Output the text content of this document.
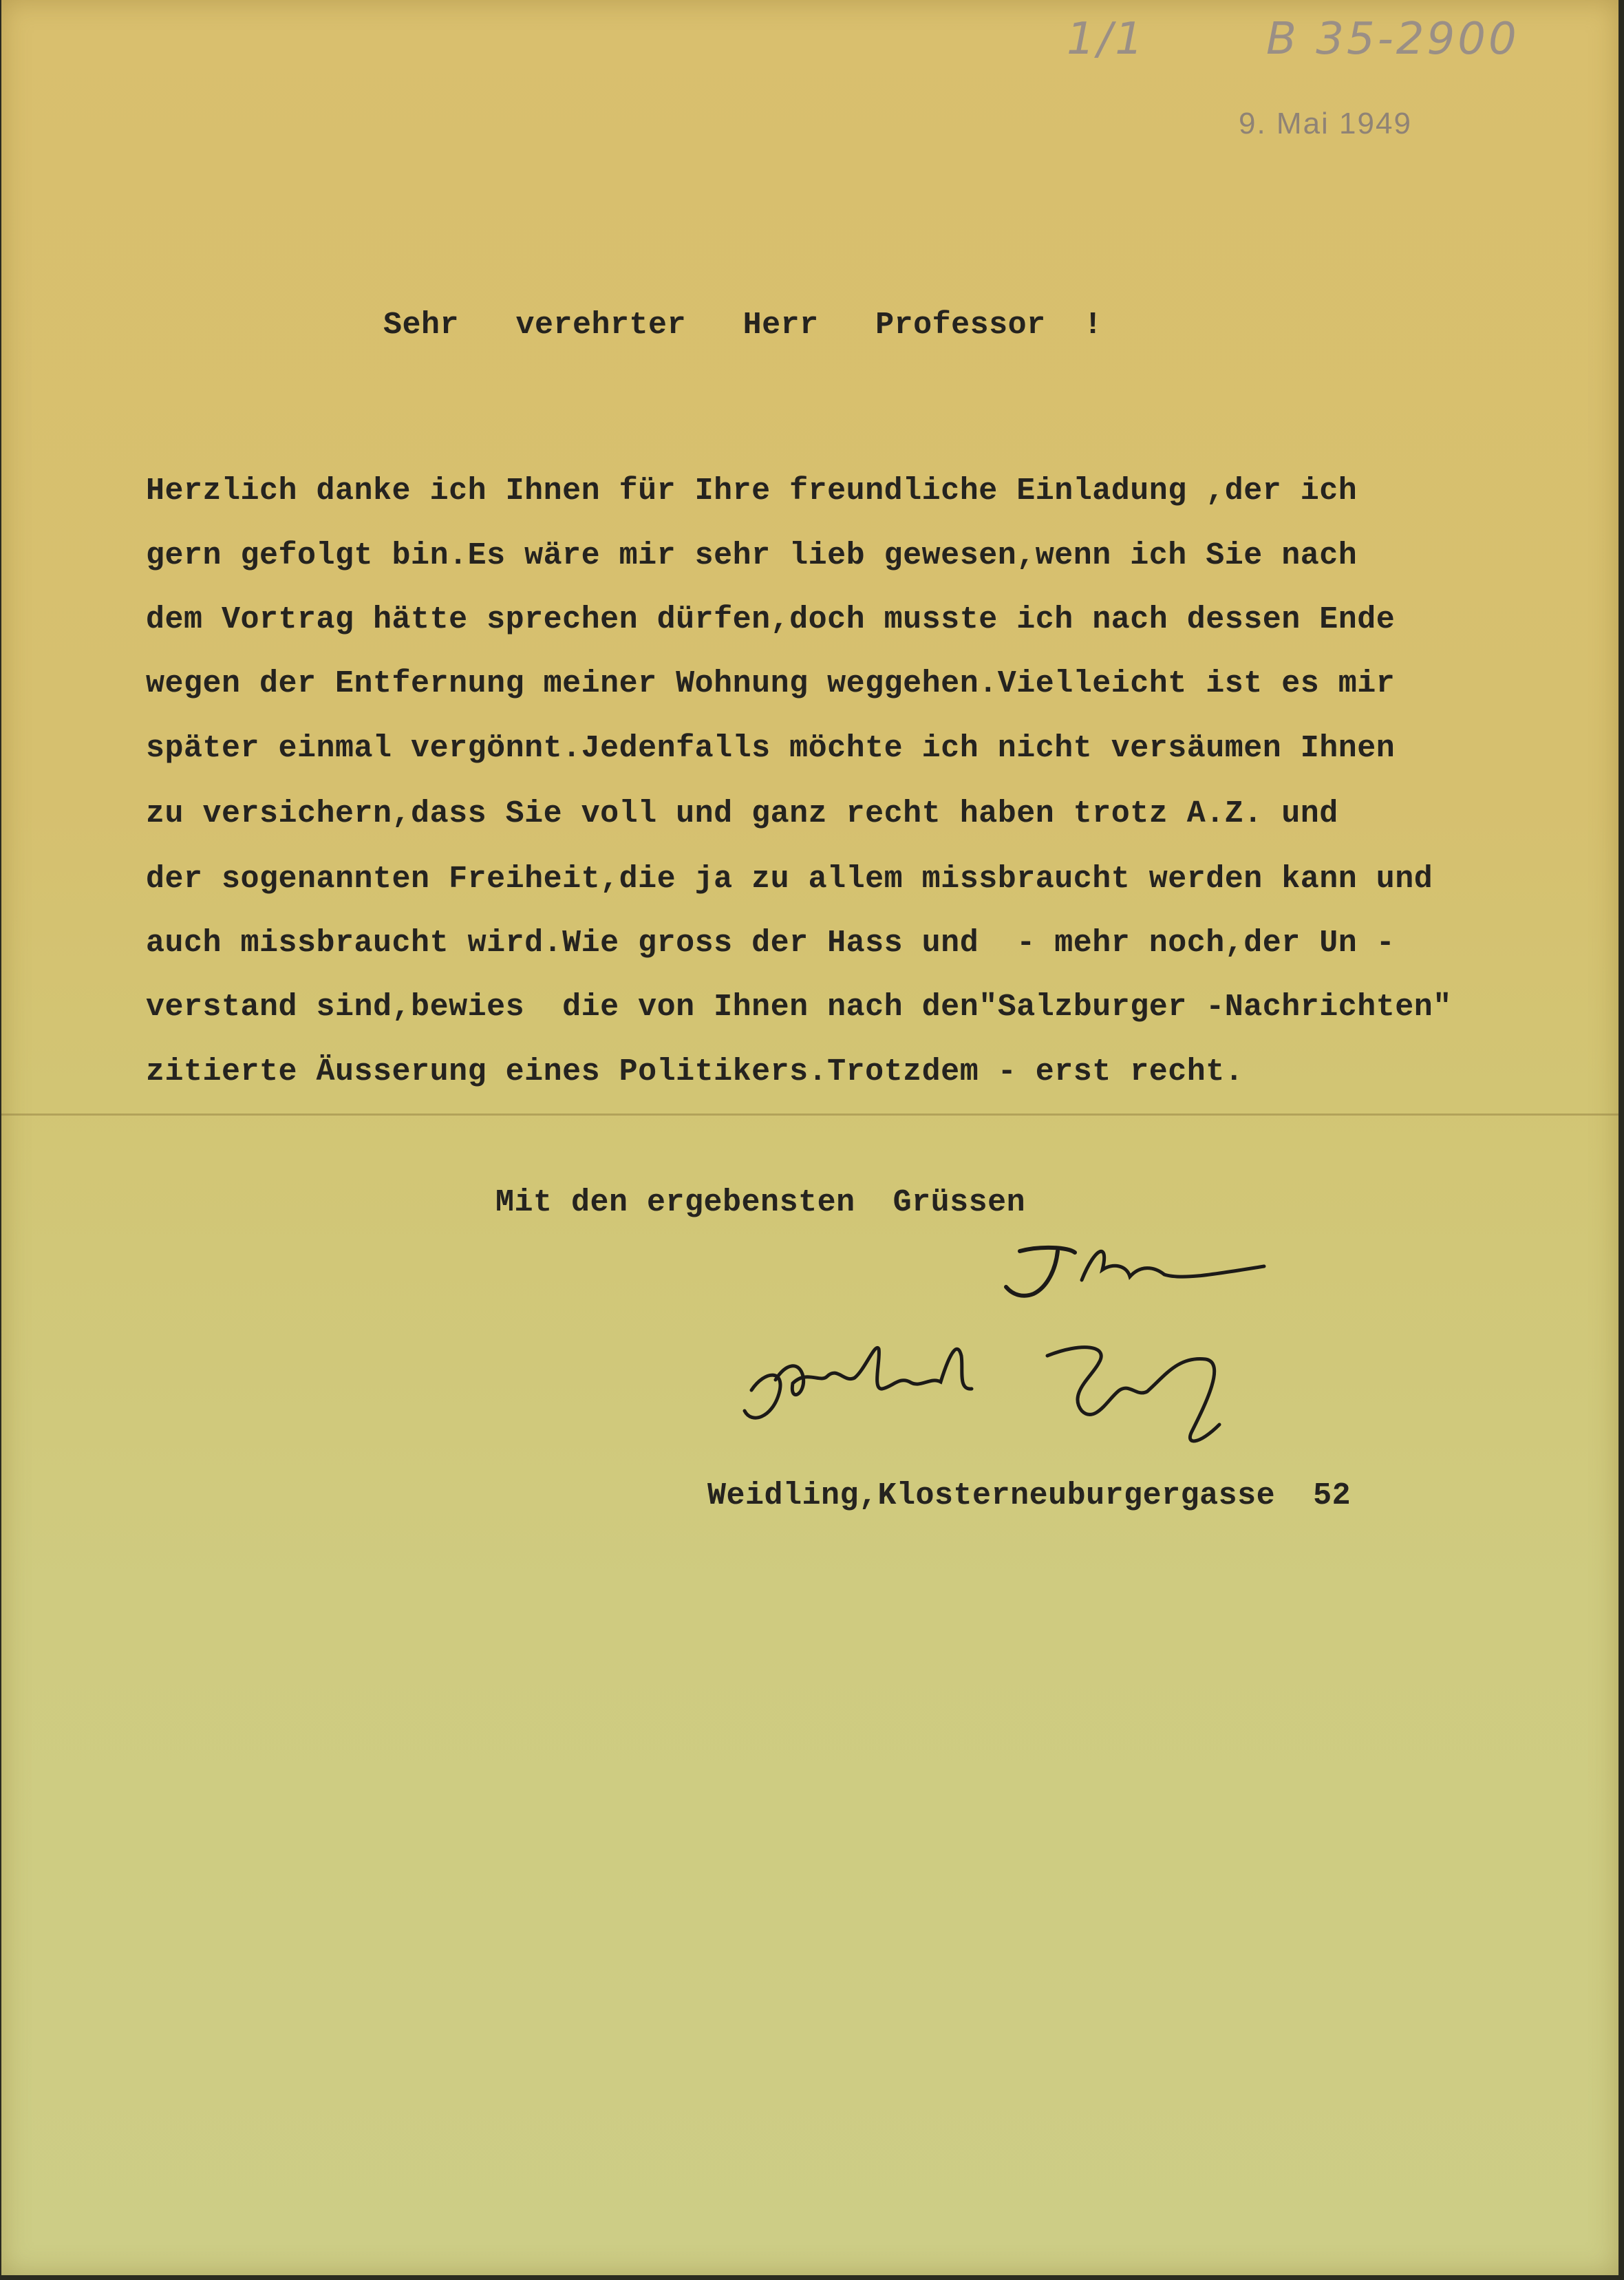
1/1	B 35-2900
9. Mai 1949
Sehr   verehrter   Herr   Professor  !
Herzlich danke ich Ihnen für Ihre freundliche Einladung ,der ich
gern gefolgt bin.Es wäre mir sehr lieb gewesen,wenn ich Sie nach
dem Vortrag hätte sprechen dürfen,doch musste ich nach dessen Ende
wegen der Entfernung meiner Wohnung weggehen.Vielleicht ist es mir
später einmal vergönnt.Jedenfalls möchte ich nicht versäumen Ihnen
zu versichern,dass Sie voll und ganz recht haben trotz A.Z. und
der sogenannten Freiheit,die ja zu allem missbraucht werden kann und
auch missbraucht wird.Wie gross der Hass und  - mehr noch,der Un -
verstand sind,bewies  die von Ihnen nach den"Salzburger -Nachrichten"
zitierte Äusserung eines Politikers.Trotzdem - erst recht.
Mit den ergebensten  Grüssen
Weidling,Klosterneuburgergasse  52
